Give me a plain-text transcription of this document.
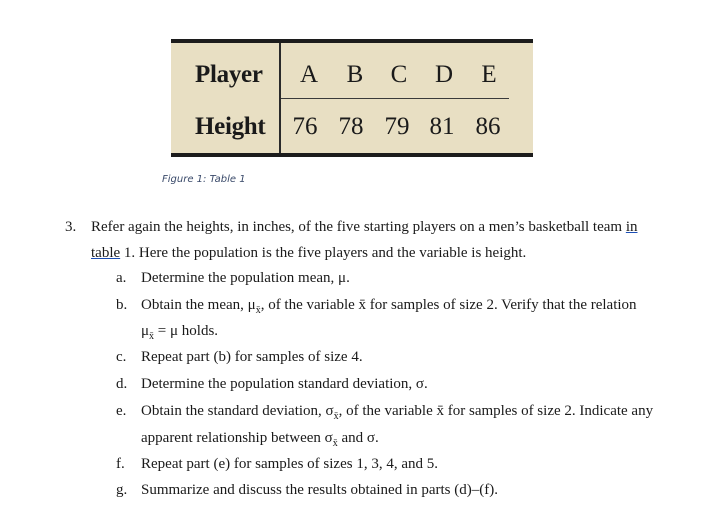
Player	A	B	C	D	E
Height	76 78 79 81 86
Figure 1: Table 1
3. Refer again the heights, in inches, of the five starting players on a men’s basketball team in
table 1. Here the population is the five players and the variable is height.
a. Determine the population mean, μ.
b. Obtain the mean, $\mu_{x̄}$, of the variable x̄ for samples of size 2. Verify that the relation
$\mu_{x̄} = \mu$ holds.
c. Repeat part (b) for samples of size 4.
d. Determine the population standard deviation, σ.
e. Obtain the standard deviation, $\sigma_{x̄}$, of the variable x̄ for samples of size 2. Indicate any
apparent relationship between $\sigma_{x̄}$ and σ.
f. Repeat part (e) for samples of sizes 1, 3, 4, and 5.
g. Summarize and discuss the results obtained in parts (d)–(f).
